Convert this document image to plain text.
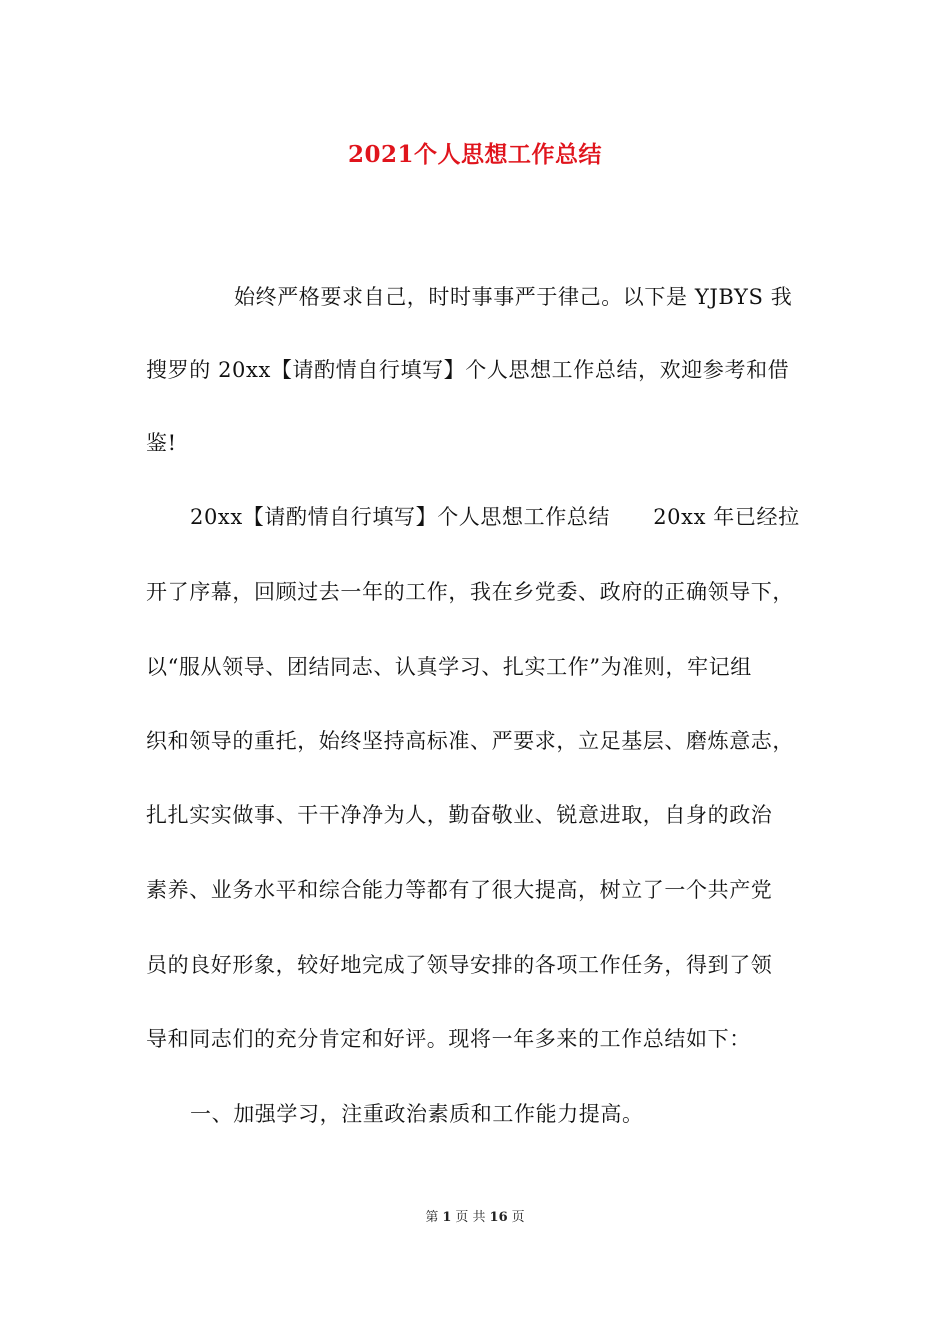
2021个人思想工作总结
始终严格要求自己，时时事事严于律己。以下是 YJBYS 我
搜罗的 20xx【请酌情自行填写】个人思想工作总结，欢迎参考和借
鉴!
20xx【请酌情自行填写】个人思想工作总结　　20xx 年已经拉
开了序幕，回顾过去一年的工作，我在乡党委、政府的正确领导下，
以“服从领导、团结同志、认真学习、扎实工作”为准则，牢记组
织和领导的重托，始终坚持高标准、严要求，立足基层、磨炼意志，
扎扎实实做事、干干净净为人，勤奋敬业、锐意进取，自身的政治
素养、业务水平和综合能力等都有了很大提高，树立了一个共产党
员的良好形象，较好地完成了领导安排的各项工作任务，得到了领
导和同志们的充分肯定和好评。现将一年多来的工作总结如下：
一、加强学习，注重政治素质和工作能力提高。
第 1 页 共 16 页
